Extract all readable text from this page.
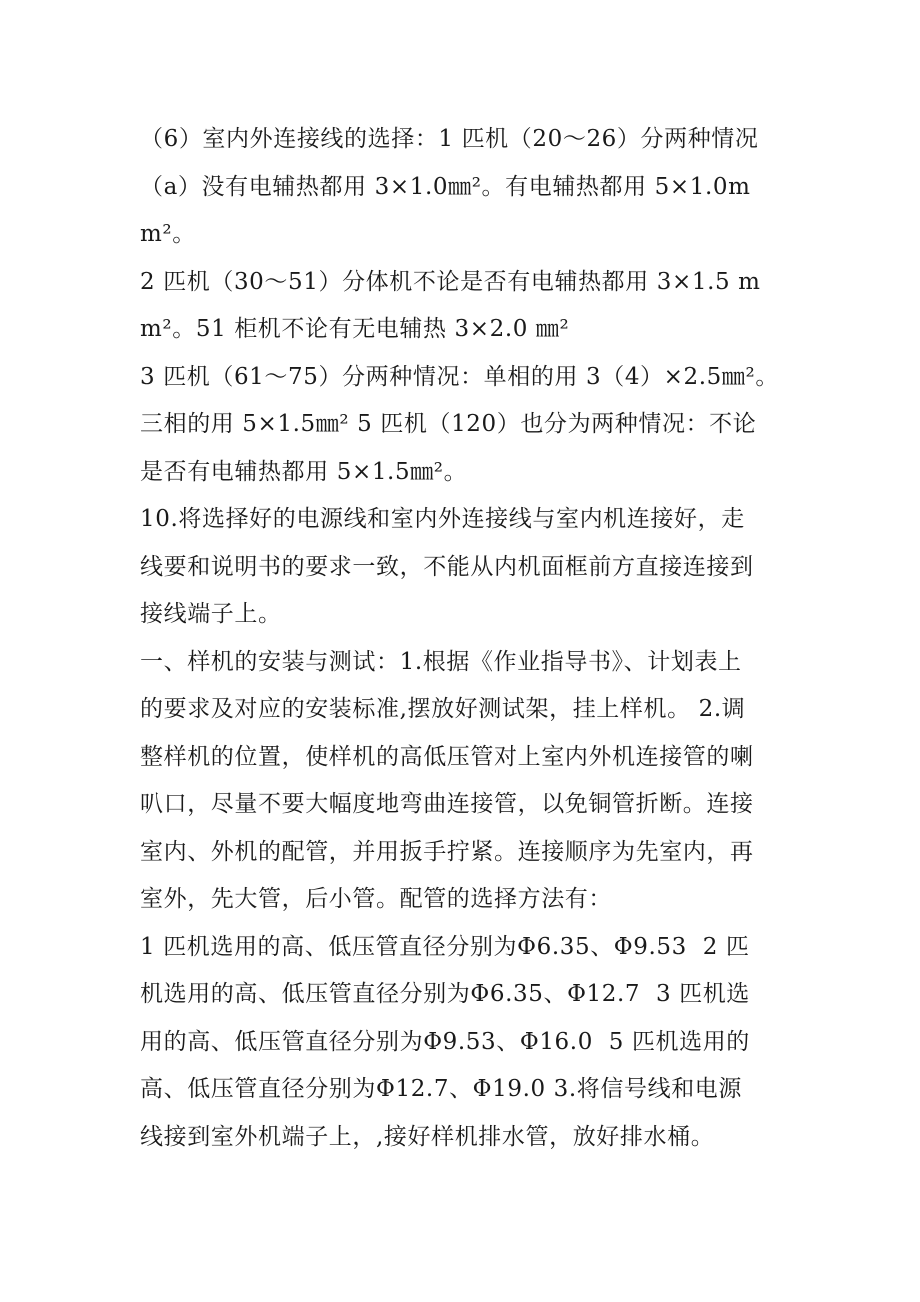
（6）室内外连接线的选择：1 匹机（20～26）分两种情况
（a）没有电辅热都用 3×1.0㎜²。有电辅热都用 5×1.0m
m²。
2 匹机（30～51）分体机不论是否有电辅热都用 3×1.5 m
m²。51 柜机不论有无电辅热 3×2.0 ㎜²
3 匹机（61～75）分两种情况：单相的用 3（4）×2.5㎜²。
三相的用 5×1.5㎜² 5 匹机（120）也分为两种情况：不论
是否有电辅热都用 5×1.5㎜²。
10.将选择好的电源线和室内外连接线与室内机连接好，走
线要和说明书的要求一致，不能从内机面框前方直接连接到
接线端子上。
一、样机的安装与测试：1.根据《作业指导书》、计划表上
的要求及对应的安装标准,摆放好测试架，挂上样机。 2.调
整样机的位置，使样机的高低压管对上室内外机连接管的喇
叭口，尽量不要大幅度地弯曲连接管，以免铜管折断。连接
室内、外机的配管，并用扳手拧紧。连接顺序为先室内，再
室外，先大管，后小管。配管的选择方法有：
1 匹机选用的高、低压管直径分别为Φ6.35、Φ9.53  2 匹
机选用的高、低压管直径分别为Φ6.35、Φ12.7  3 匹机选
用的高、低压管直径分别为Φ9.53、Φ16.0  5 匹机选用的
高、低压管直径分别为Φ12.7、Φ19.0 3.将信号线和电源
线接到室外机端子上，,接好样机排水管，放好排水桶。
